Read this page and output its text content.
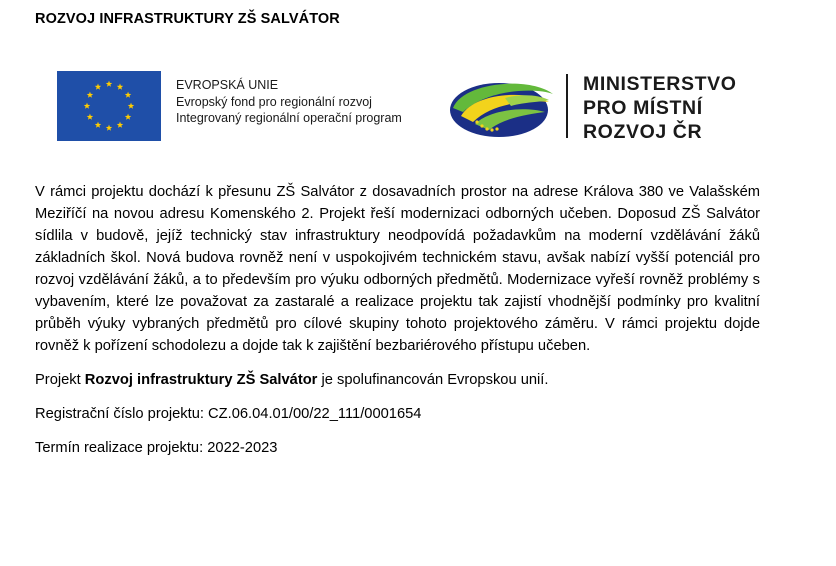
ROZVOJ INFRASTRUKTURY ZŠ SALVÁTOR
EVROPSKÁ UNIE
Evropský fond pro regionální rozvoj
Integrovaný regionální operační program
MINISTERSTVO
PRO MÍSTNÍ
ROZVOJ ČR

V rámci projektu dochází k přesunu ZŠ Salvátor z dosavadních prostor na adrese Králova 380 ve Valašském Meziříčí na novou adresu Komenského 2. Projekt řeší modernizaci odborných učeben. Doposud ZŠ Salvátor sídlila v budově, jejíž technický stav infrastruktury neodpovídá požadavkům na moderní vzdělávání žáků základních škol. Nová budova rovněž není v uspokojivém technickém stavu, avšak nabízí vyšší potenciál pro rozvoj vzdělávání žáků, a to především pro výuku odborných předmětů. Modernizace vyřeší rovněž problémy s vybavením, které lze považovat za zastaralé a realizace projektu tak zajistí vhodnější podmínky pro kvalitní průběh výuky vybraných předmětů pro cílové skupiny tohoto projektového záměru. V rámci projektu dojde rovněž k pořízení schodolezu a dojde tak k zajištění bezbariérového přístupu učeben.

Projekt Rozvoj infrastruktury ZŠ Salvátor je spolufinancován Evropskou unií.

Registrační číslo projektu: CZ.06.04.01/00/22_111/0001654

Termín realizace projektu: 2022-2023
